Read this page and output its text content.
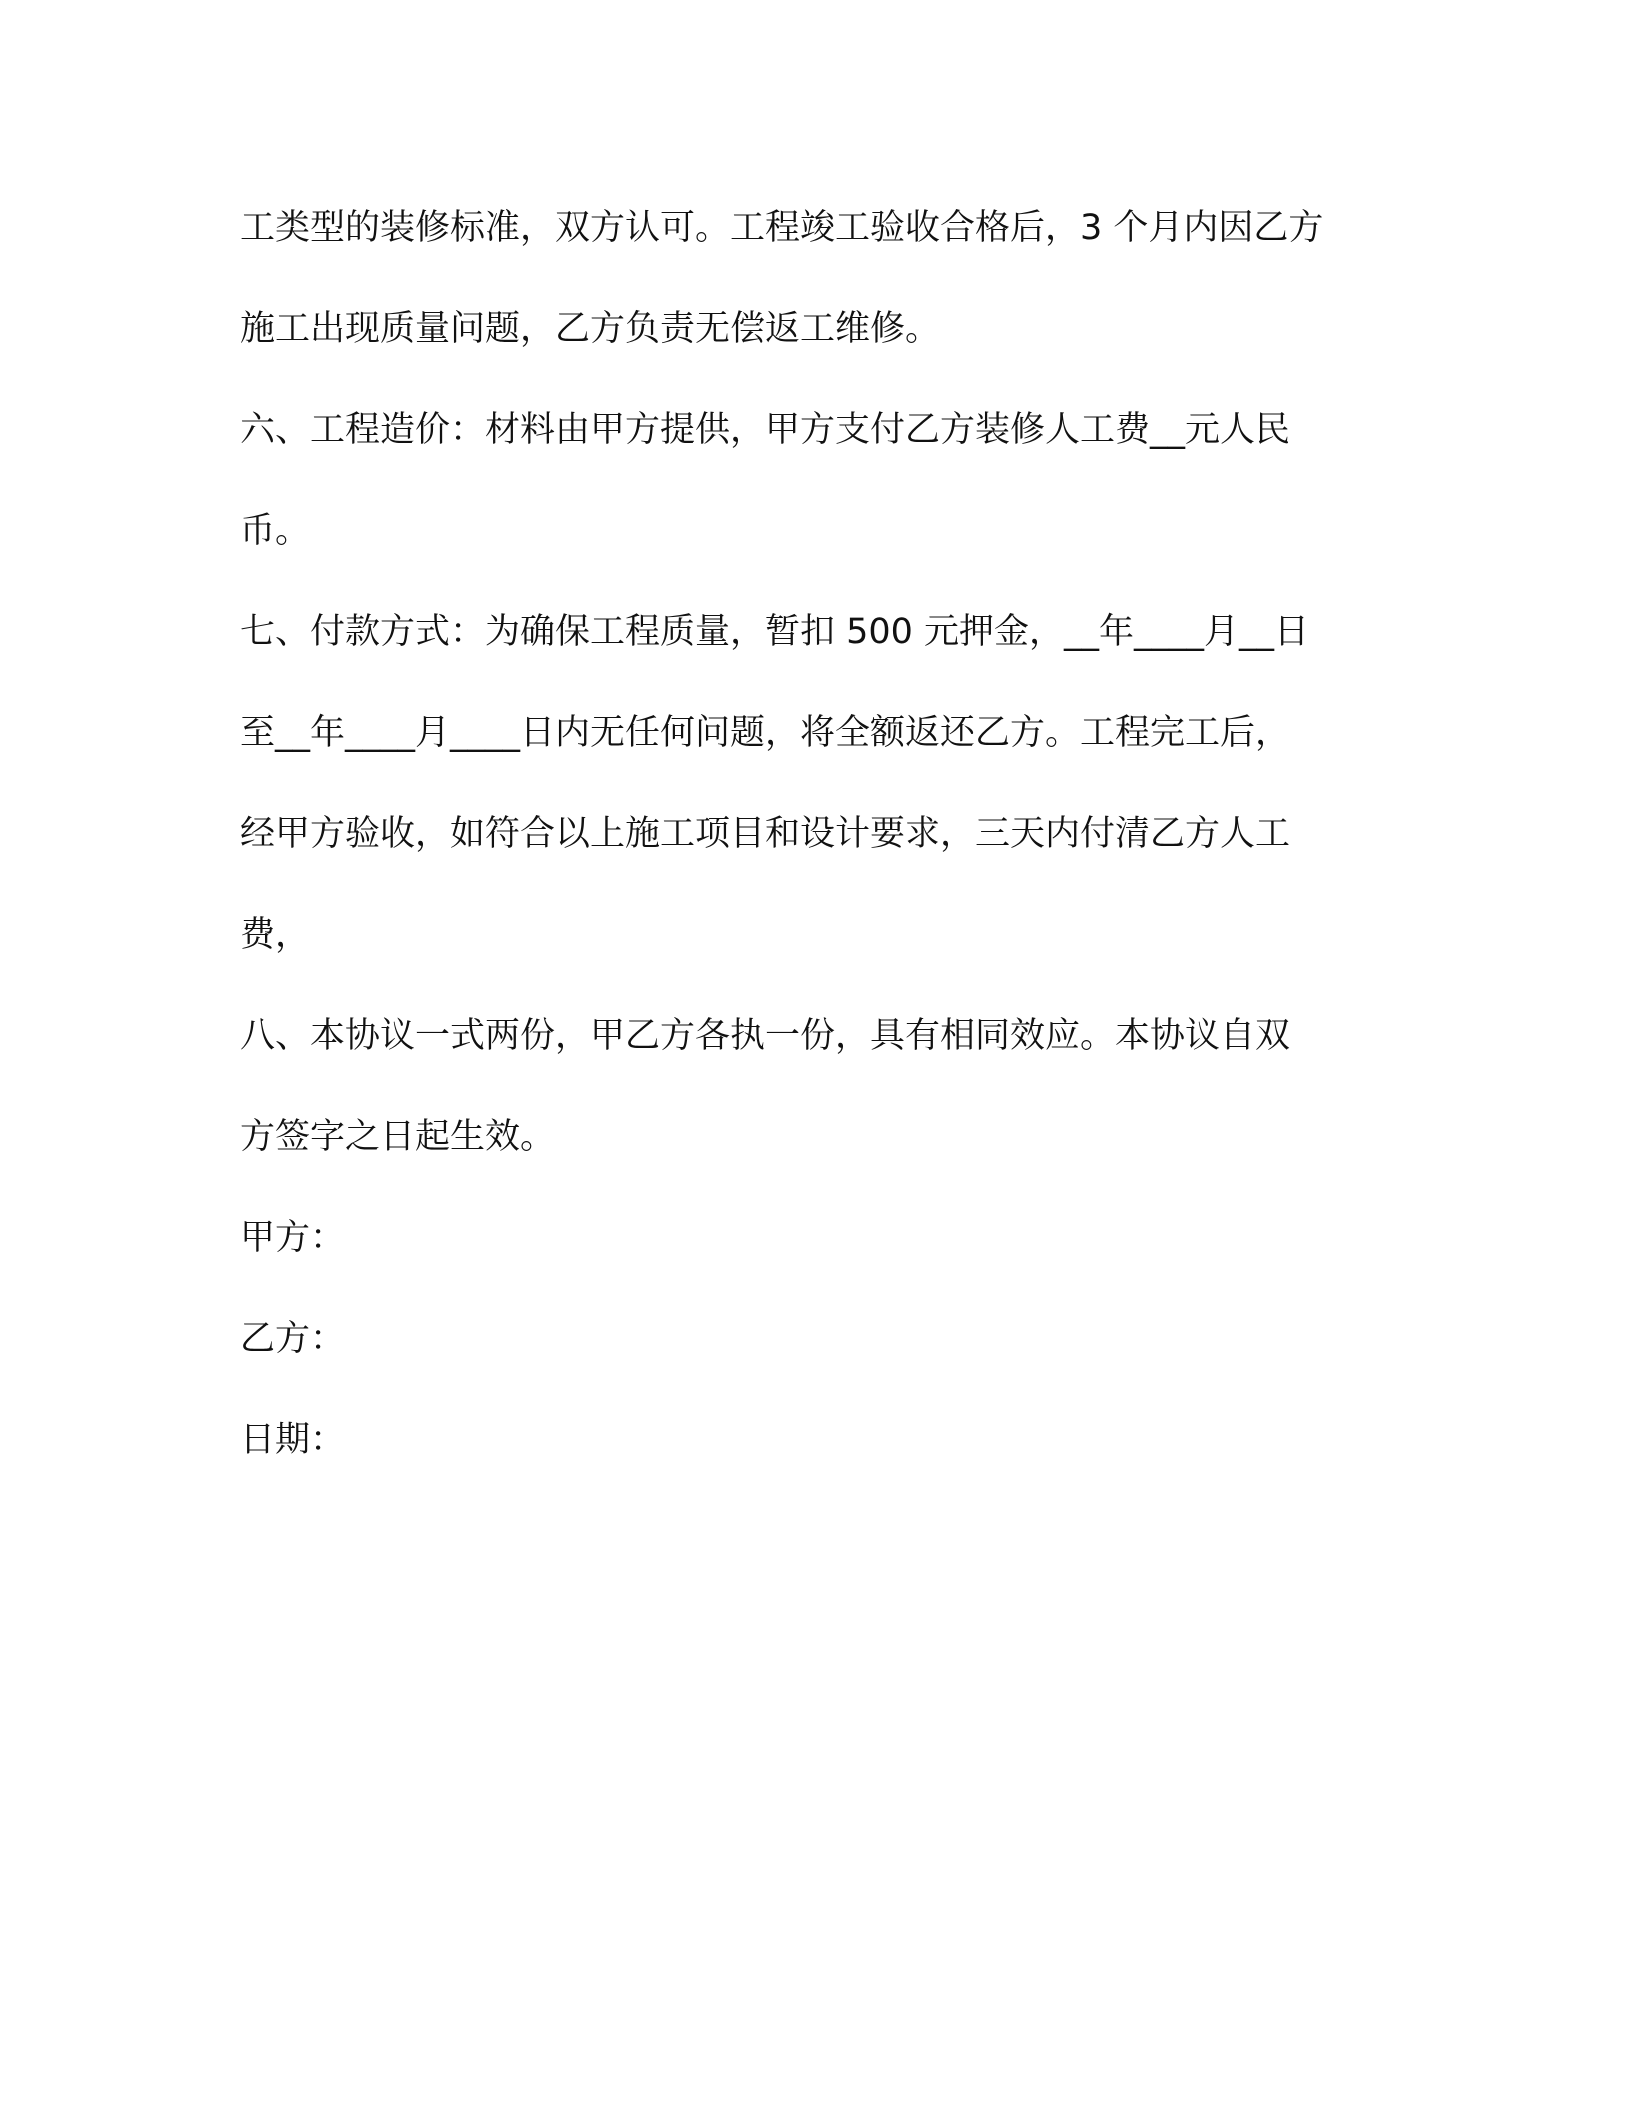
工类型的装修标准，双方认可。工程竣工验收合格后，3 个月内因乙方
施工出现质量问题，乙方负责无偿返工维修。
六、工程造价：材料由甲方提供，甲方支付乙方装修人工费__元人民
币。
七、付款方式：为确保工程质量，暂扣 500 元押金，__年____月__日
至__年____月____日内无任何问题，将全额返还乙方。工程完工后，
经甲方验收，如符合以上施工项目和设计要求，三天内付清乙方人工
费，
八、本协议一式两份，甲乙方各执一份，具有相同效应。本协议自双
方签字之日起生效。
甲方：
乙方：
日期：
